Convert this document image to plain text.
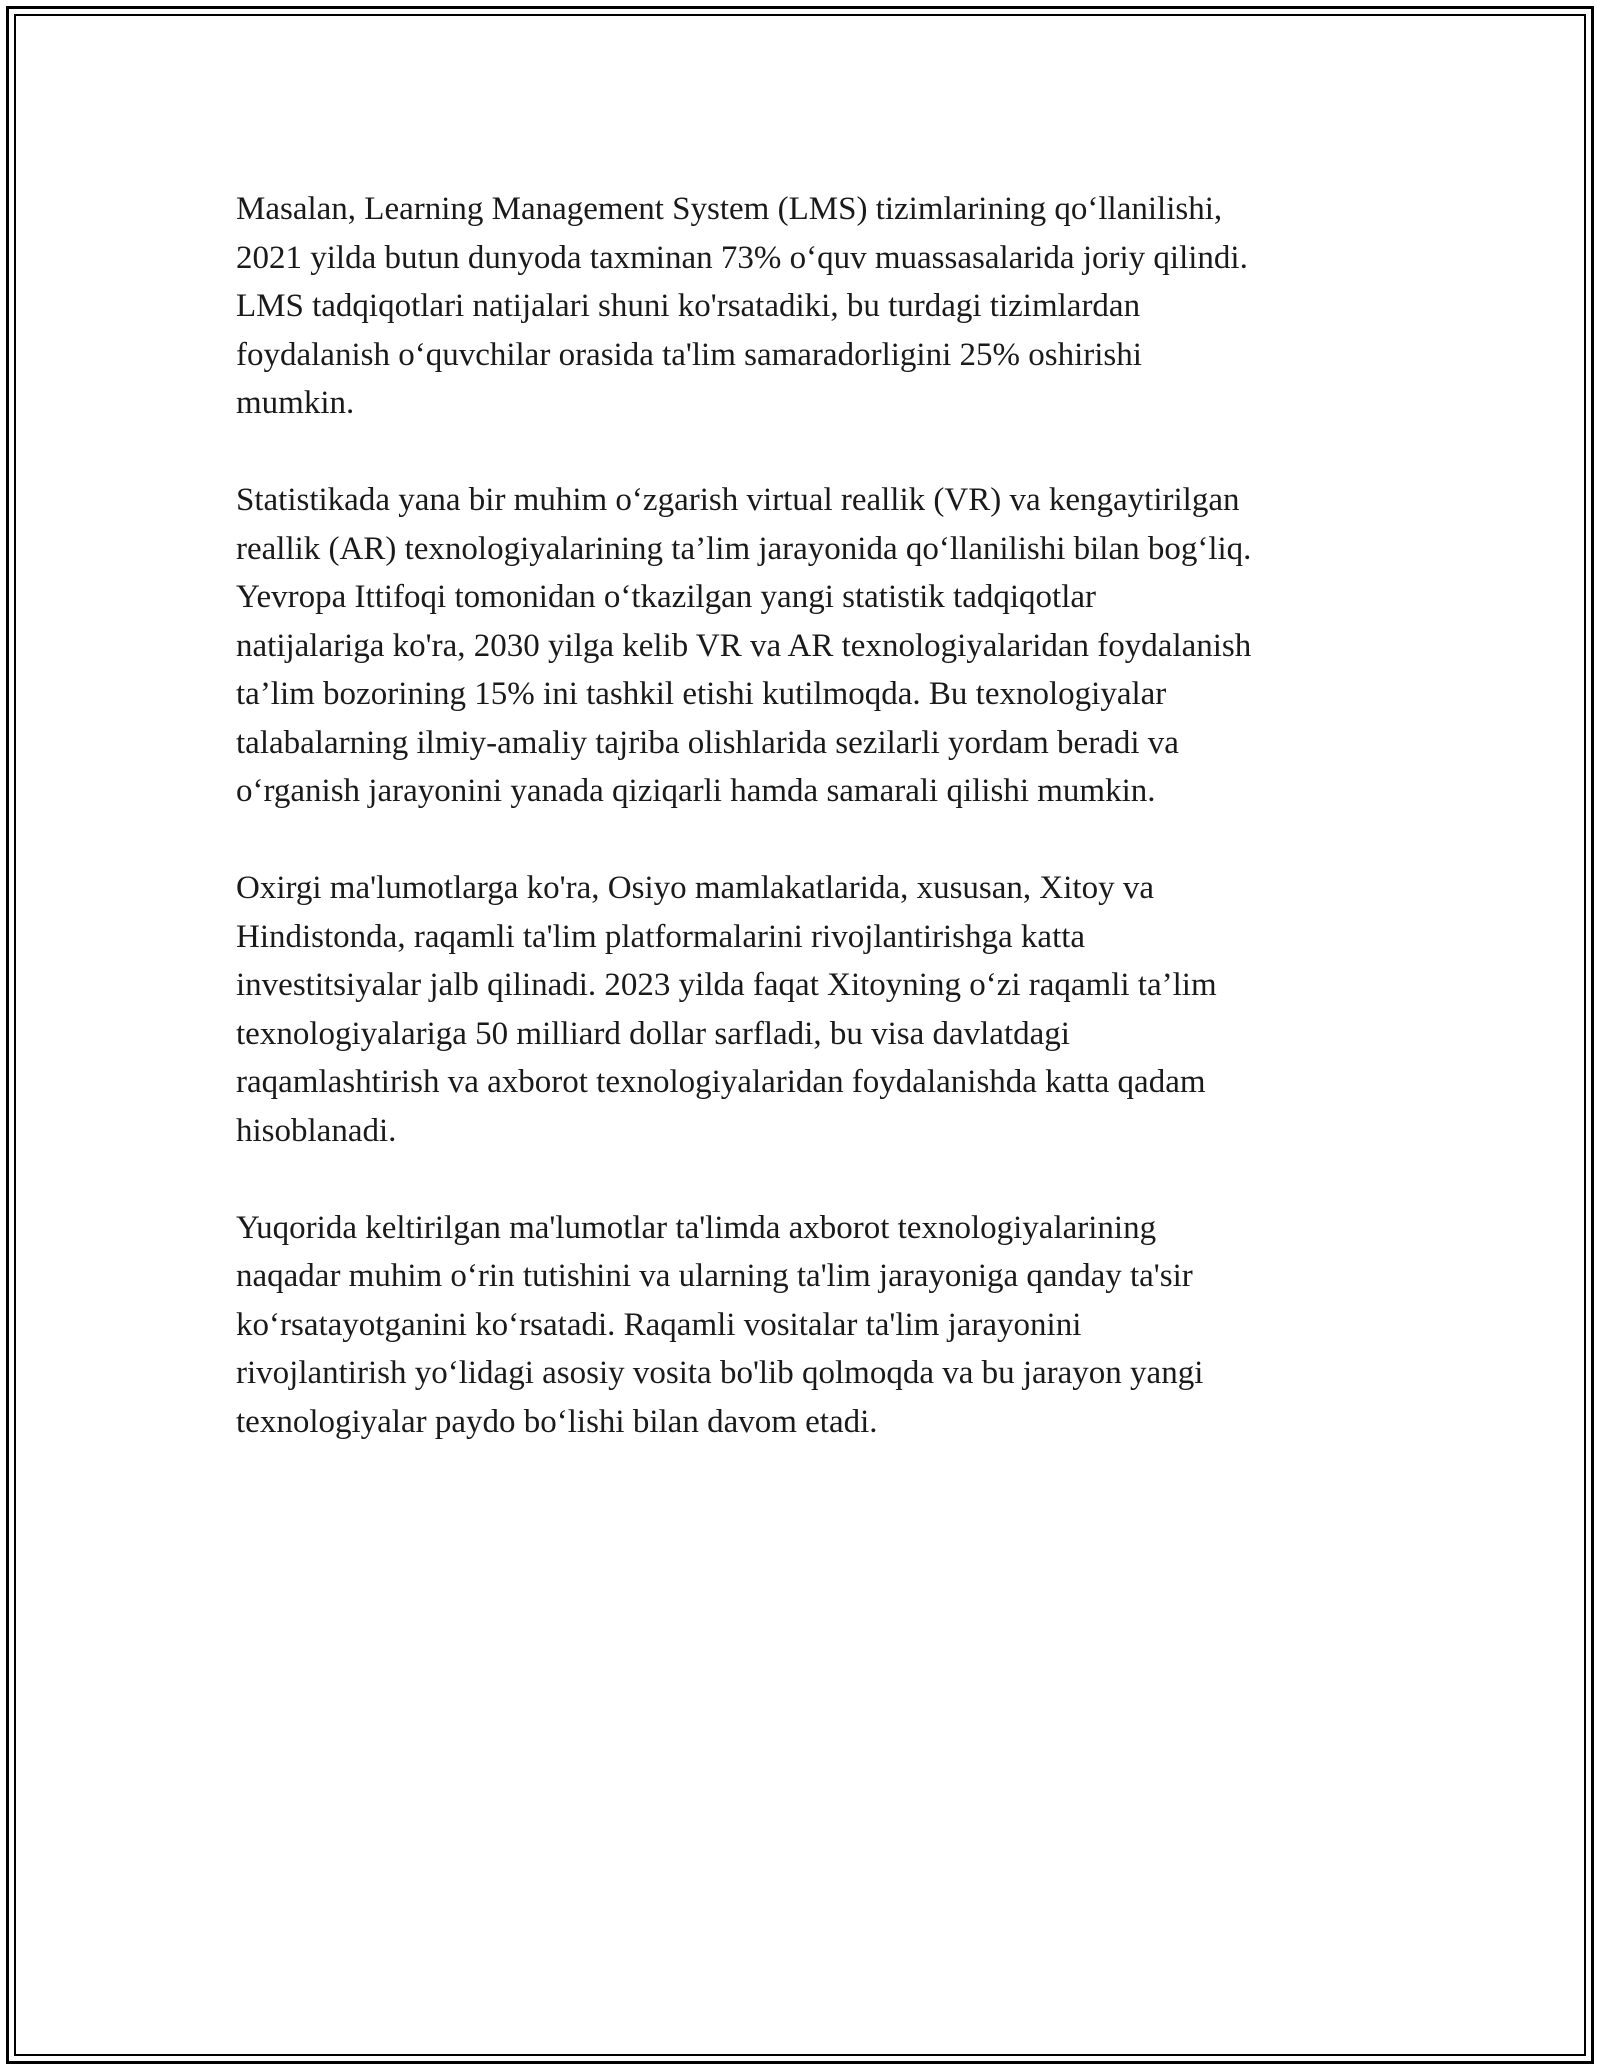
Masalan, Learning Management System (LMS) tizimlarining qo‘llanilishi,
2021 yilda butun dunyoda taxminan 73% o‘quv muassasalarida joriy qilindi.
LMS tadqiqotlari natijalari shuni ko'rsatadiki, bu turdagi tizimlardan
foydalanish o‘quvchilar orasida ta'lim samaradorligini 25% oshirishi
mumkin.

Statistikada yana bir muhim o‘zgarish virtual reallik (VR) va kengaytirilgan
reallik (AR) texnologiyalarining ta’lim jarayonida qo‘llanilishi bilan bog‘liq.
Yevropa Ittifoqi tomonidan o‘tkazilgan yangi statistik tadqiqotlar
natijalariga ko'ra, 2030 yilga kelib VR va AR texnologiyalaridan foydalanish
ta’lim bozorining 15% ini tashkil etishi kutilmoqda. Bu texnologiyalar
talabalarning ilmiy-amaliy tajriba olishlarida sezilarli yordam beradi va
o‘rganish jarayonini yanada qiziqarli hamda samarali qilishi mumkin.

Oxirgi ma'lumotlarga ko'ra, Osiyo mamlakatlarida, xususan, Xitoy va
Hindistonda, raqamli ta'lim platformalarini rivojlantirishga katta
investitsiyalar jalb qilinadi. 2023 yilda faqat Xitoyning o‘zi raqamli ta’lim
texnologiyalariga 50 milliard dollar sarfladi, bu visa davlatdagi
raqamlashtirish va axborot texnologiyalaridan foydalanishda katta qadam
hisoblanadi.

Yuqorida keltirilgan ma'lumotlar ta'limda axborot texnologiyalarining
naqadar muhim o‘rin tutishini va ularning ta'lim jarayoniga qanday ta'sir
ko‘rsatayotganini ko‘rsatadi. Raqamli vositalar ta'lim jarayonini
rivojlantirish yo‘lidagi asosiy vosita bo'lib qolmoqda va bu jarayon yangi
texnologiyalar paydo bo‘lishi bilan davom etadi.
